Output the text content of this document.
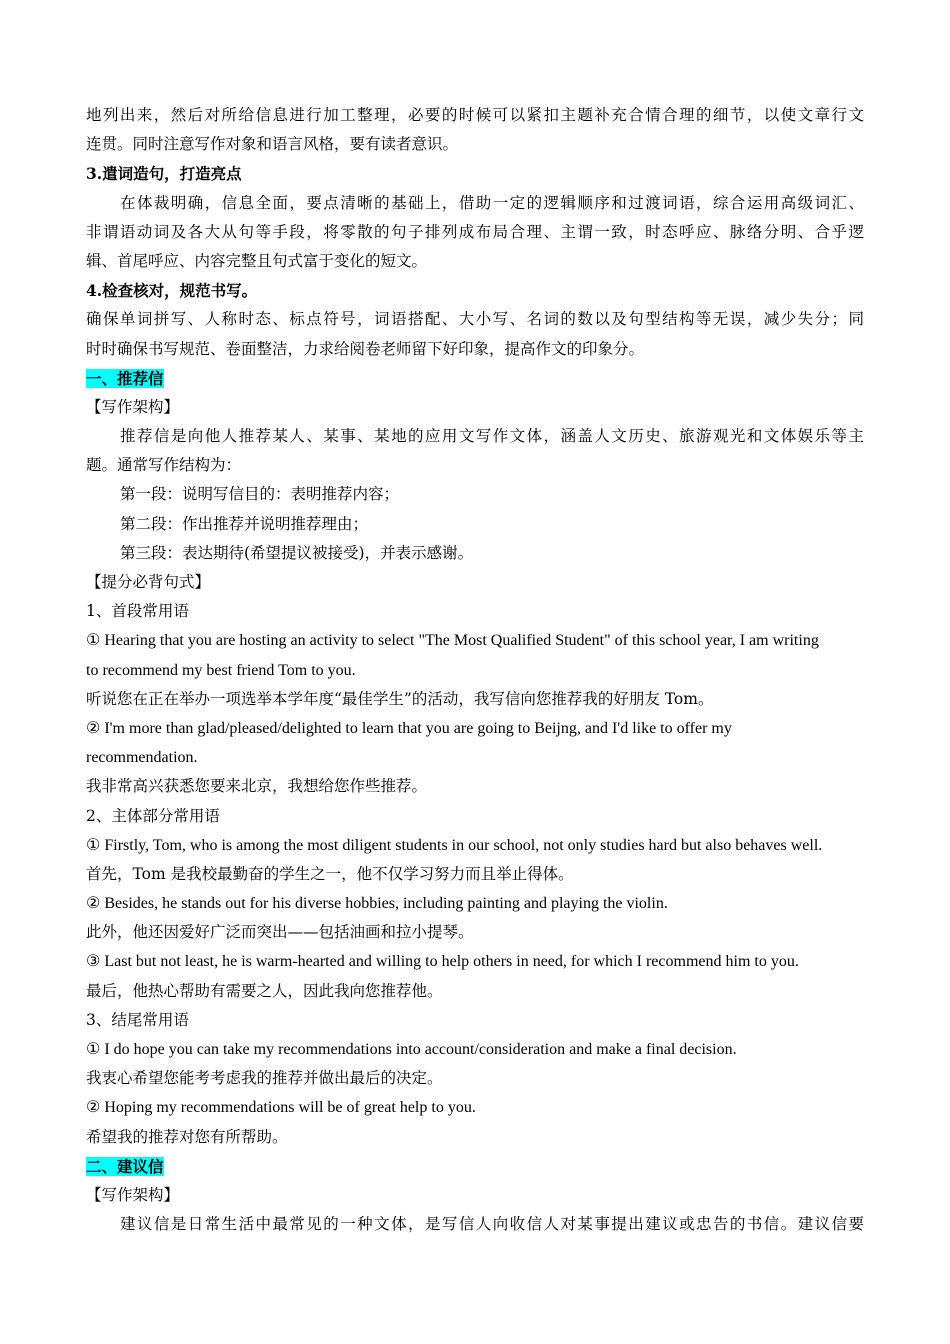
地列出来，然后对所给信息进行加工整理，必要的时候可以紧扣主题补充合情合理的细节，以使文章行文
连贯。同时注意写作对象和语言风格，要有读者意识。
3.遣词造句，打造亮点
在体裁明确，信息全面，要点清晰的基础上，借助一定的逻辑顺序和过渡词语，综合运用高级词汇、
非谓语动词及各大从句等手段，将零散的句子排列成布局合理、主谓一致，时态呼应、脉络分明、合乎逻
辑、首尾呼应、内容完整且句式富于变化的短文。
4.检查核对，规范书写。
确保单词拼写、人称时态、标点符号，词语搭配、大小写、名词的数以及句型结构等无误，减少失分；同
时时确保书写规范、卷面整洁，力求给阅卷老师留下好印象，提高作文的印象分。
一、推荐信
【写作架构】
推荐信是向他人推荐某人、某事、某地的应用文写作文体，涵盖人文历史、旅游观光和文体娱乐等主
题。通常写作结构为：
第一段：说明写信目的：表明推荐内容；
第二段：作出推荐并说明推荐理由；
第三段：表达期待(希望提议被接受)，并表示感谢。
【提分必背句式】
1、首段常用语
① Hearing that you are hosting an activity to select "The Most Qualified Student" of this school year, I am writing
to recommend my best friend Tom to you.
听说您在正在举办一项选举本学年度“最佳学生”的活动，我写信向您推荐我的好朋友 Tom。
② I'm more than glad/pleased/delighted to learn that you are going to Beijng, and I'd like to offer my
recommendation.
我非常高兴获悉您要来北京，我想给您作些推荐。
2、主体部分常用语
① Firstly, Tom, who is among the most diligent students in our school, not only studies hard but also behaves well.
首先，Tom 是我校最勤奋的学生之一，他不仅学习努力而且举止得体。
② Besides, he stands out for his diverse hobbies, including painting and playing the violin.
此外，他还因爱好广泛而突出——包括油画和拉小提琴。
③ Last but not least, he is warm-hearted and willing to help others in need, for which I recommend him to you.
最后，他热心帮助有需要之人，因此我向您推荐他。
3、结尾常用语
① I do hope you can take my recommendations into account/consideration and make a final decision.
我衷心希望您能考考虑我的推荐并做出最后的决定。
② Hoping my recommendations will be of great help to you.
希望我的推荐对您有所帮助。
二、建议信
【写作架构】
建议信是日常生活中最常见的一种文体，是写信人向收信人对某事提出建议或忠告的书信。建议信要
